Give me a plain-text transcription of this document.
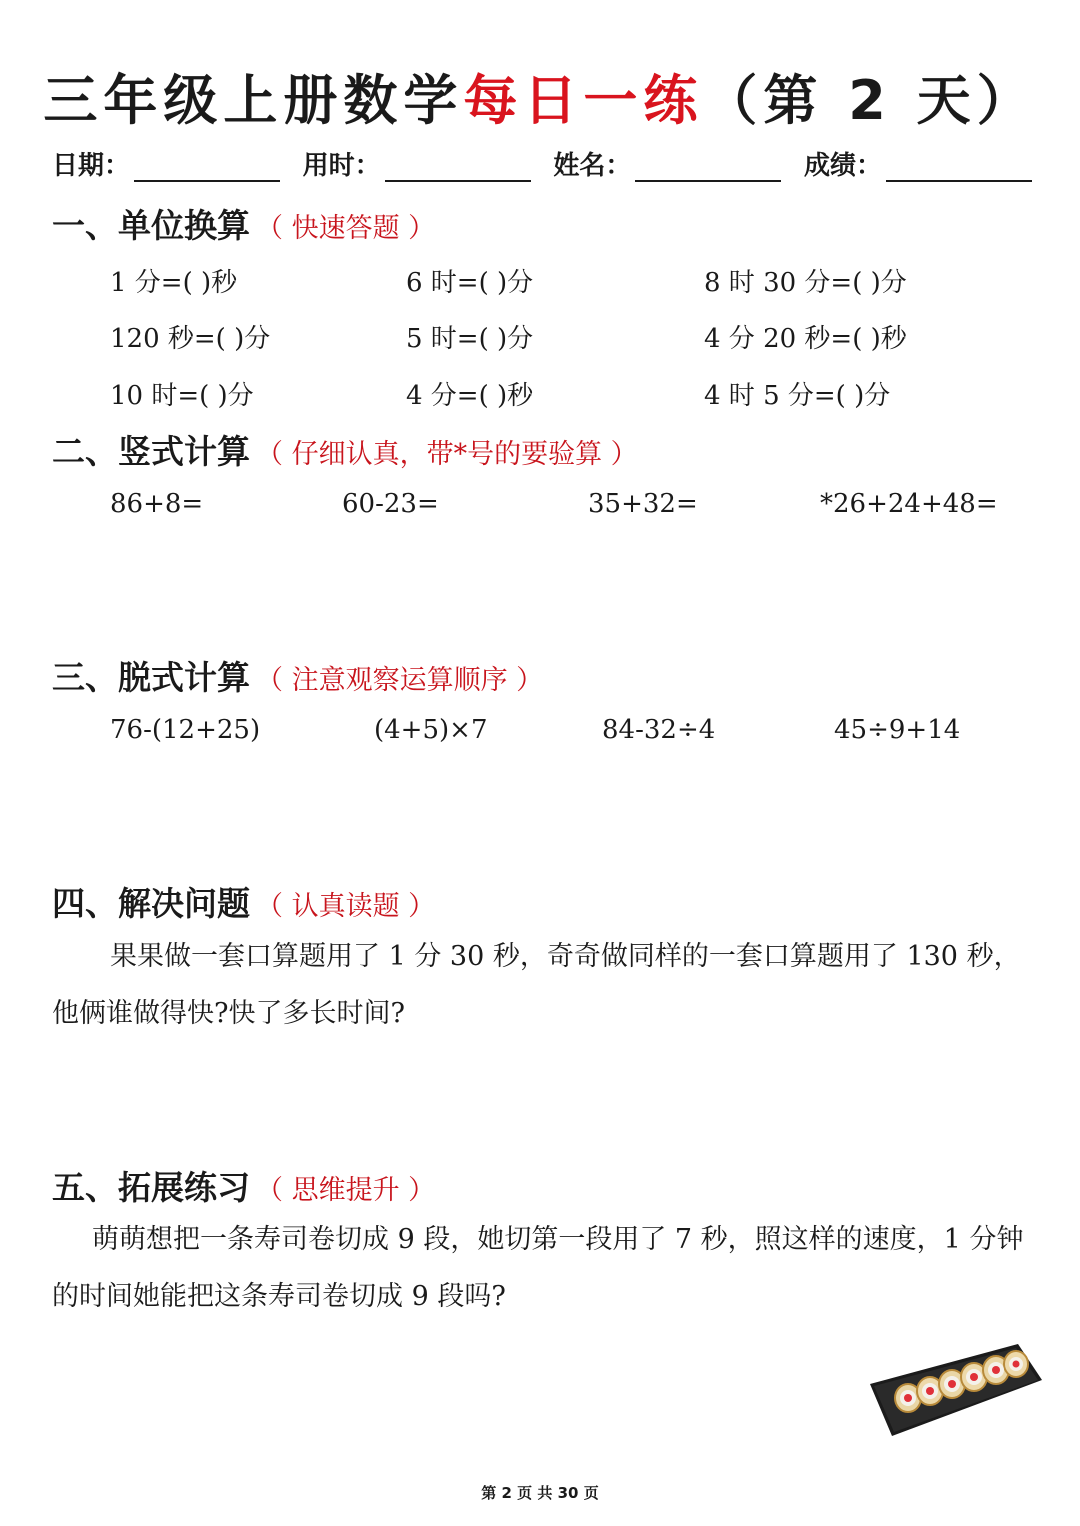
三年级上册数学每日一练（第 2 天）
日期：	用时：	姓名：	成绩：
一、单位换算 （ 快速答题 ）
1 分=( )秒	6 时=( )分	8 时 30 分=( )分
120 秒=( )分	5 时=( )分	4 分 20 秒=( )秒
10 时=( )分	4 分=( )秒	4 时 5 分=( )分
二、竖式计算 （ 仔细认真，带*号的要验算 ）
86+8=	60-23=	35+32=	*26+24+48=
三、脱式计算 （ 注意观察运算顺序 ）
76-(12+25)	(4+5)×7	84-32÷4	45÷9+14
四、解决问题 （ 认真读题 ）
果果做一套口算题用了 1 分 30 秒，奇奇做同样的一套口算题用了 130 秒，他俩谁做得快?快了多长时间?
五、拓展练习 （ 思维提升 ）
萌萌想把一条寿司卷切成 9 段，她切第一段用了 7 秒，照这样的速度，1 分钟的时间她能把这条寿司卷切成 9 段吗?
第 2 页 共 30 页
